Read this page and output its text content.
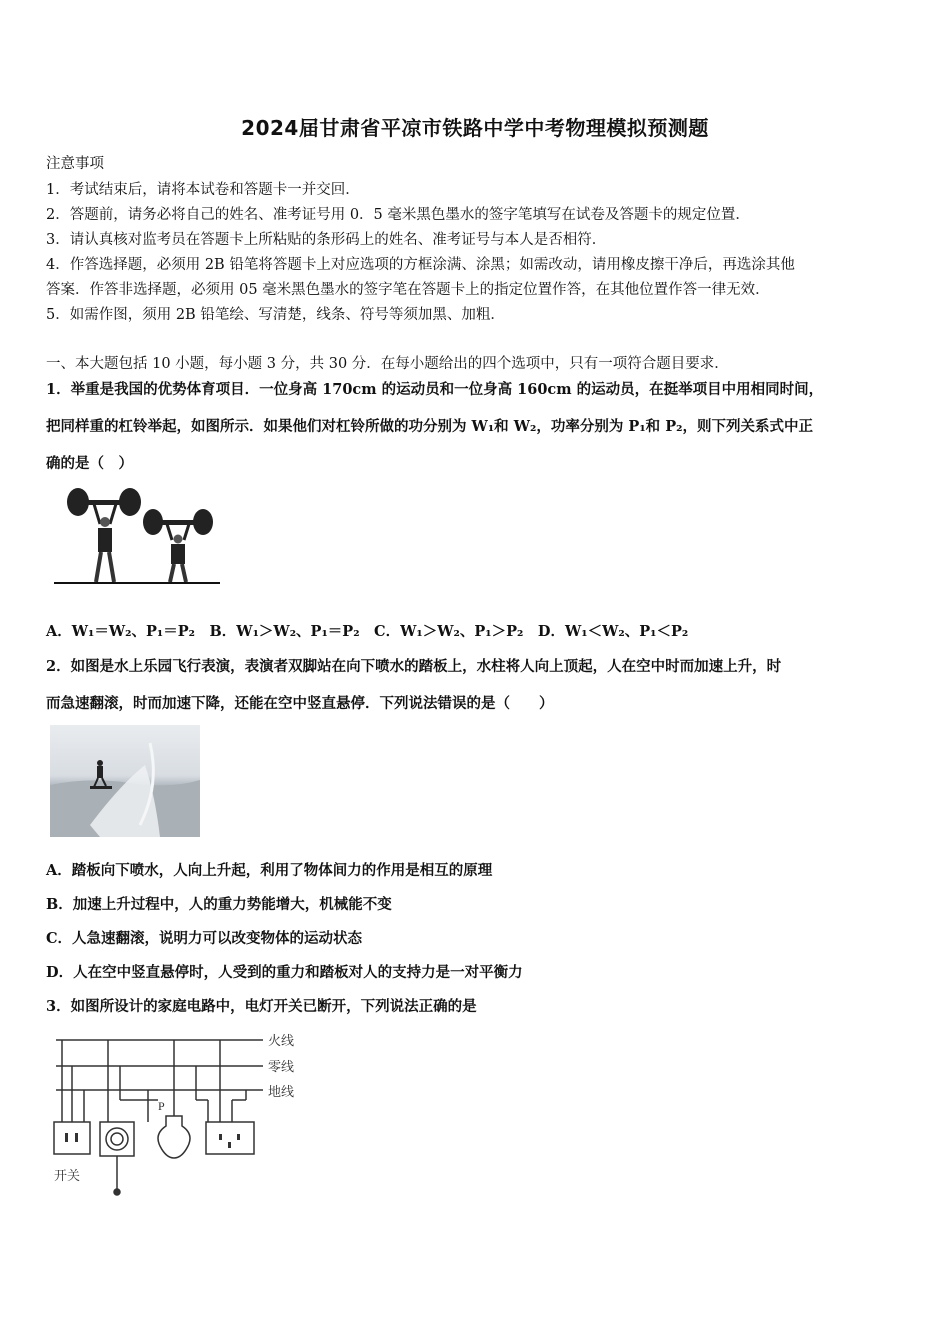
2024届甘肃省平凉市铁路中学中考物理模拟预测题
注意事项
1．考试结束后，请将本试卷和答题卡一并交回．
2．答题前，请务必将自己的姓名、准考证号用 0．5 毫米黑色墨水的签字笔填写在试卷及答题卡的规定位置．
3．请认真核对监考员在答题卡上所粘贴的条形码上的姓名、准考证号与本人是否相符．
4．作答选择题，必须用 2B 铅笔将答题卡上对应选项的方框涂满、涂黑；如需改动，请用橡皮擦干净后，再选涂其他
答案．作答非选择题，必须用 05 毫米黑色墨水的签字笔在答题卡上的指定位置作答，在其他位置作答一律无效．
5．如需作图，须用 2B 铅笔绘、写清楚，线条、符号等须加黑、加粗．
一、本大题包括 10 小题，每小题 3 分，共 30 分．在每小题给出的四个选项中，只有一项符合题目要求．
1．举重是我国的优势体育项目．一位身高 170cm 的运动员和一位身高 160cm 的运动员，在挺举项目中用相同时间，
把同样重的杠铃举起，如图所示．如果他们对杠铃所做的功分别为 W₁和 W₂，功率分别为 P₁和 P₂，则下列关系式中正
确的是（　）
A．W₁＝W₂、P₁＝P₂　B．W₁＞W₂、P₁＝P₂　C．W₁＞W₂、P₁＞P₂　D．W₁＜W₂、P₁＜P₂
2．如图是水上乐园飞行表演，表演者双脚站在向下喷水的踏板上，水柱将人向上顶起，人在空中时而加速上升，时
而急速翻滚，时而加速下降，还能在空中竖直悬停．下列说法错误的是（　　）
A．踏板向下喷水，人向上升起，利用了物体间力的作用是相互的原理
B．加速上升过程中，人的重力势能增大，机械能不变
C．人急速翻滚，说明力可以改变物体的运动状态
D．人在空中竖直悬停时，人受到的重力和踏板对人的支持力是一对平衡力
3．如图所设计的家庭电路中，电灯开关已断开，下列说法正确的是
火线
零线
地线
P
开关
